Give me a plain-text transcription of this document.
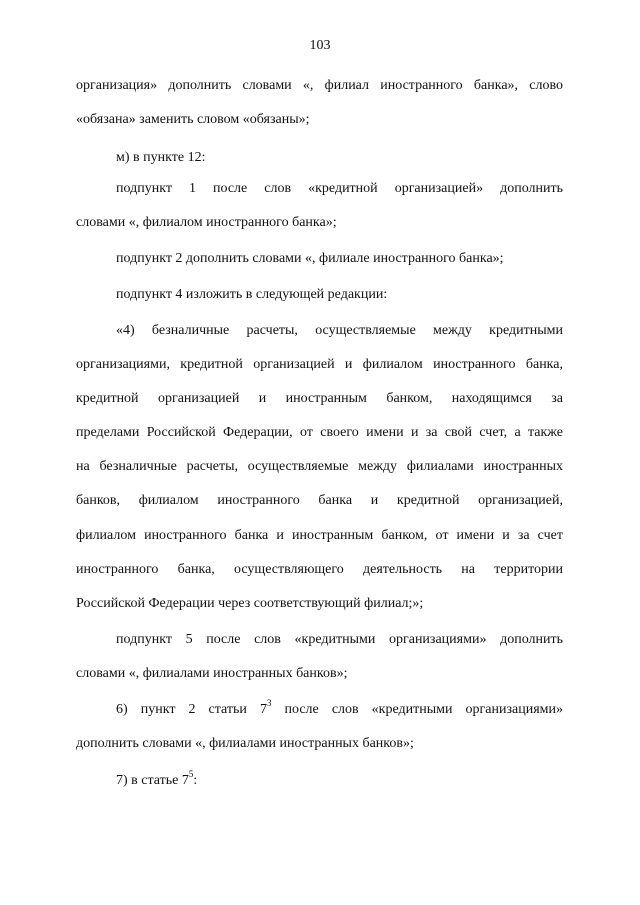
103
организация» дополнить словами «, филиал иностранного банка», слово
«обязана» заменить словом «обязаны»;
м) в пункте 12:
подпункт 1 после слов «кредитной организацией» дополнить
словами «, филиалом иностранного банка»;
подпункт 2 дополнить словами «, филиале иностранного банка»;
подпункт 4 изложить в следующей редакции:
«4) безналичные расчеты, осуществляемые между кредитными
организациями, кредитной организацией и филиалом иностранного банка,
кредитной организацией и иностранным банком, находящимся за
пределами Российской Федерации, от своего имени и за свой счет, а также
на безналичные расчеты, осуществляемые между филиалами иностранных
банков, филиалом иностранного банка и кредитной организацией,
филиалом иностранного банка и иностранным банком, от имени и за счет
иностранного банка, осуществляющего деятельность на территории
Российской Федерации через соответствующий филиал;»;
подпункт 5 после слов «кредитными организациями» дополнить
словами «, филиалами иностранных банков»;
6) пункт 2 статьи $7^3$ после слов «кредитными организациями»
дополнить словами «, филиалами иностранных банков»;
7) в статье $7^5$:
